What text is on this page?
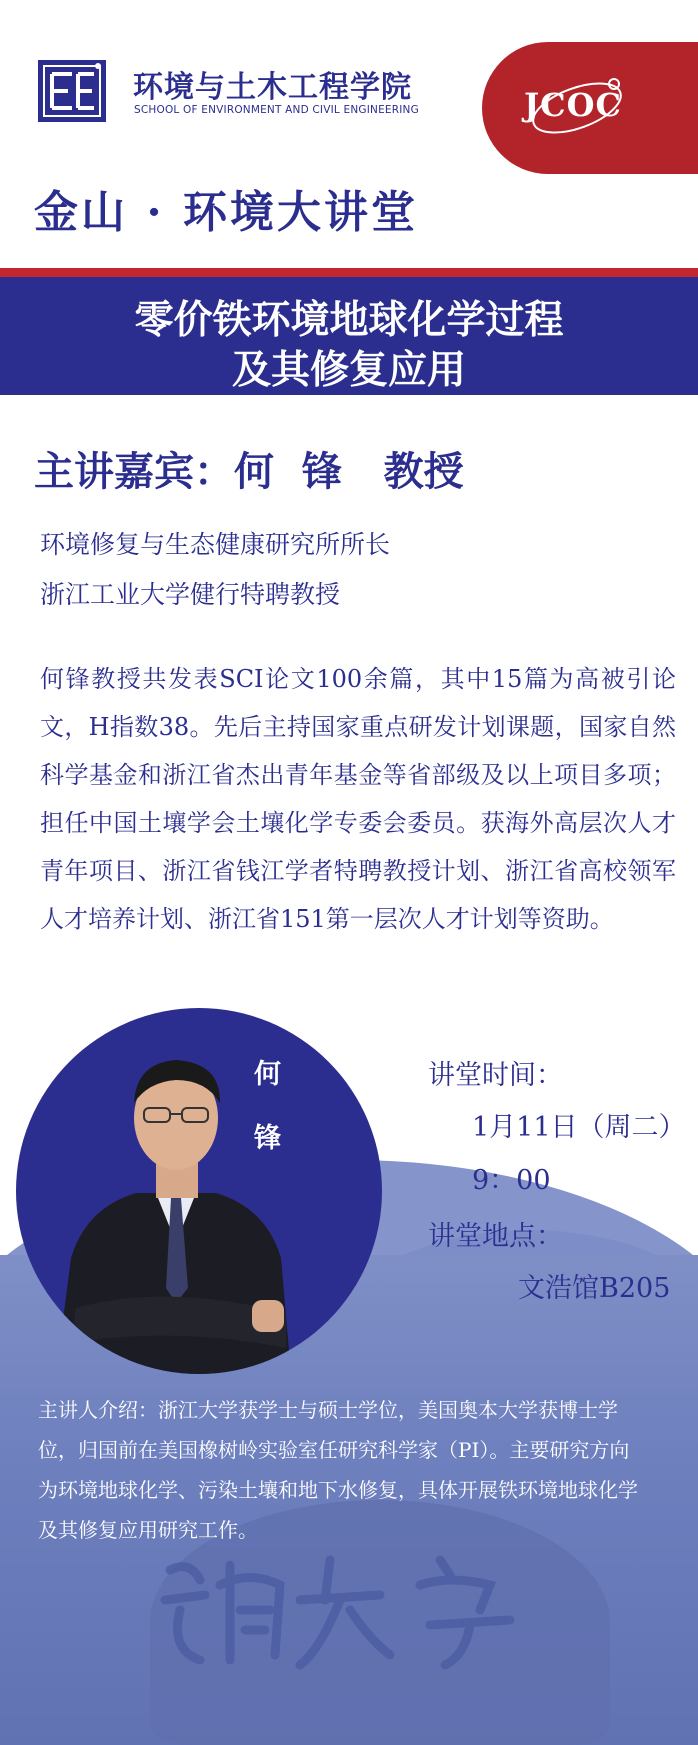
环境与土木工程学院
SCHOOL OF ENVIRONMENT AND CIVIL ENGINEERING	JCOC
金山 · 环境大讲堂
零价铁环境地球化学过程
及其修复应用
主讲嘉宾：何  锋   教授
环境修复与生态健康研究所所长
浙江工业大学健行特聘教授
何锋教授共发表SCI论文100余篇，其中15篇为高被引论文，H指数38。先后主持国家重点研发计划课题，国家自然科学基金和浙江省杰出青年基金等省部级及以上项目多项；担任中国土壤学会土壤化学专委会委员。获海外高层次人才青年项目、浙江省钱江学者特聘教授计划、浙江省高校领军人才培养计划、浙江省151第一层次人才计划等资助。
何
锋
讲堂时间：
1月11日（周二）
9：00
讲堂地点：
文浩馆B205
主讲人介绍：浙江大学获学士与硕士学位，美国奥本大学获博士学位，归国前在美国橡树岭实验室任研究科学家（PI）。主要研究方向为环境地球化学、污染土壤和地下水修复，具体开展铁环境地球化学及其修复应用研究工作。
